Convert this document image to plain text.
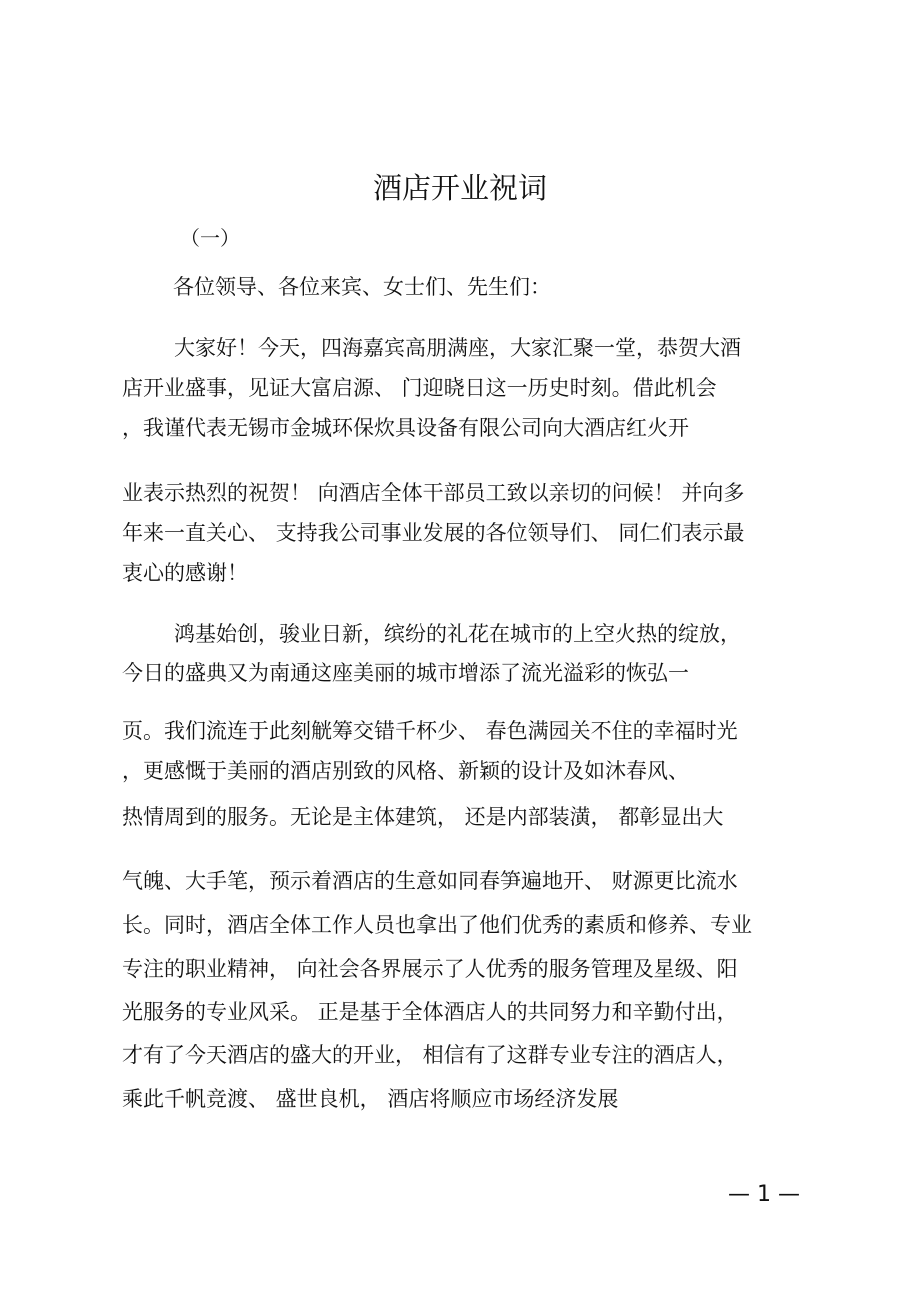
酒店开业祝词
（一）
各位领导、各位来宾、女士们、先生们：
大家好！今天，四海嘉宾高朋满座，大家汇聚一堂，恭贺大酒
店开业盛事，见证大富启源、 门迎晓日这一历史时刻。借此机会
，我谨代表无锡市金城环保炊具设备有限公司向大酒店红火开
业表示热烈的祝贺！ 向酒店全体干部员工致以亲切的问候！ 并向多
年来一直关心、 支持我公司事业发展的各位领导们、 同仁们表示最
衷心的感谢！
鸿基始创，骏业日新，缤纷的礼花在城市的上空火热的绽放，
今日的盛典又为南通这座美丽的城市增添了流光溢彩的恢弘一
页。我们流连于此刻觥筹交错千杯少、 春色满园关不住的幸福时光
，更感慨于美丽的酒店别致的风格、新颖的设计及如沐春风、
热情周到的服务。无论是主体建筑， 还是内部装潢， 都彰显出大
气魄、大手笔，预示着酒店的生意如同春笋遍地开、 财源更比流水
长。同时，酒店全体工作人员也拿出了他们优秀的素质和修养、专业
专注的职业精神， 向社会各界展示了人优秀的服务管理及星级、阳
光服务的专业风采。 正是基于全体酒店人的共同努力和辛勤付出，
才有了今天酒店的盛大的开业， 相信有了这群专业专注的酒店人，
乘此千帆竞渡、 盛世良机， 酒店将顺应市场经济发展
— 1 —
